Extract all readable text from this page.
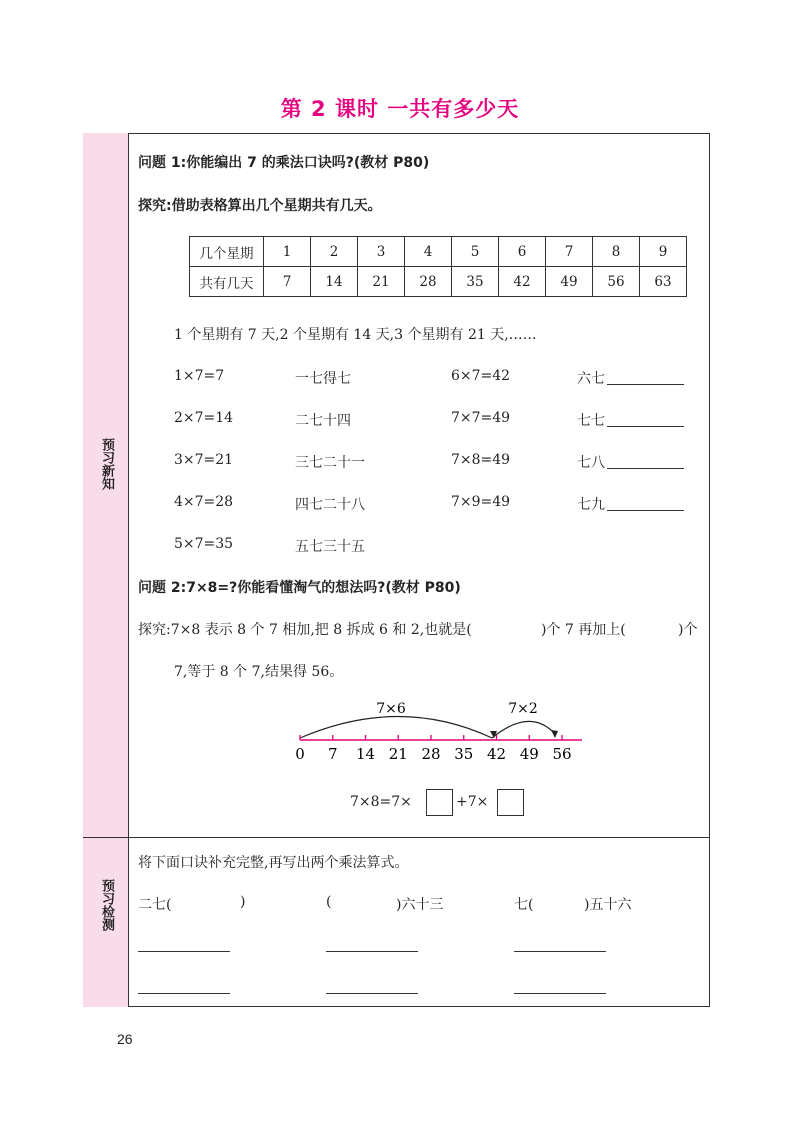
第 2 课时 一共有多少天
预习新知
预习检测
问题 1:你能编出 7 的乘法口诀吗?(教材 P80)
探究:借助表格算出几个星期共有几天。
几个星期	1	2	3	4	5	6	7	8	9
共有几天	7	14	21	28	35	42	49	56	63
1 个星期有 7 天,2 个星期有 14 天,3 个星期有 21 天,……
1×7=7	一七得七	6×7=42	六七
2×7=14	二七十四	7×7=49	七七
3×7=21	三七二十一	7×8=49	七八
4×7=28	四七二十八	7×9=49	七九
5×7=35	五七三十五
问题 2:7×8=?你能看懂淘气的想法吗?(教材 P80)
探究:7×8 表示 8 个 7 相加,把 8 拆成 6 和 2,也就是(	)个 7 再加上(	)个
7,等于 8 个 7,结果得 56。
0 7 14 21 28 35 42 49 56
7×6	7×2
7×8=7×	+7×
将下面口诀补充完整,再写出两个乘法算式。
二七(	)	(	)六十三	七(	)五十六
26
